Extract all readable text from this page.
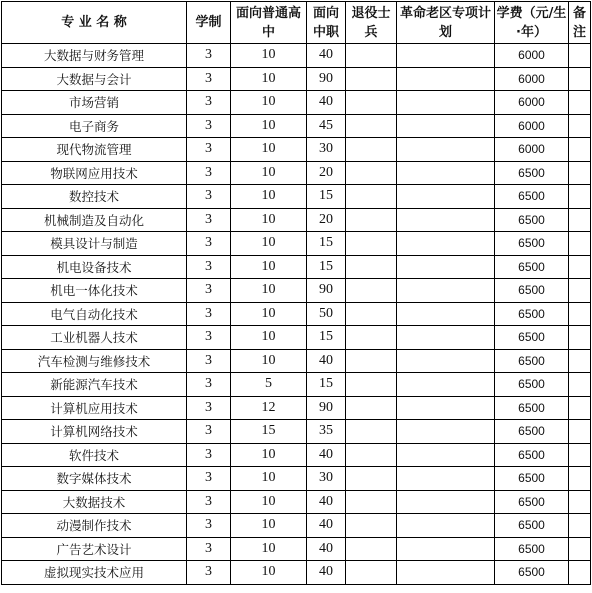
专 业 名 称	学制	面向普通高中	面向中职	退役士兵	革命老区专项计划	学费（元/生·年）	备注
大数据与财务管理	3	10	40			6000	
大数据与会计	3	10	90			6000	
市场营销	3	10	40			6000	
电子商务	3	10	45			6000	
现代物流管理	3	10	30			6000	
物联网应用技术	3	10	20			6500	
数控技术	3	10	15			6500	
机械制造及自动化	3	10	20			6500	
模具设计与制造	3	10	15			6500	
机电设备技术	3	10	15			6500	
机电一体化技术	3	10	90			6500	
电气自动化技术	3	10	50			6500	
工业机器人技术	3	10	15			6500	
汽车检测与维修技术	3	10	40			6500	
新能源汽车技术	3	5	15			6500	
计算机应用技术	3	12	90			6500	
计算机网络技术	3	15	35			6500	
软件技术	3	10	40			6500	
数字媒体技术	3	10	30			6500	
大数据技术	3	10	40			6500	
动漫制作技术	3	10	40			6500	
广告艺术设计	3	10	40			6500	
虚拟现实技术应用	3	10	40			6500	
